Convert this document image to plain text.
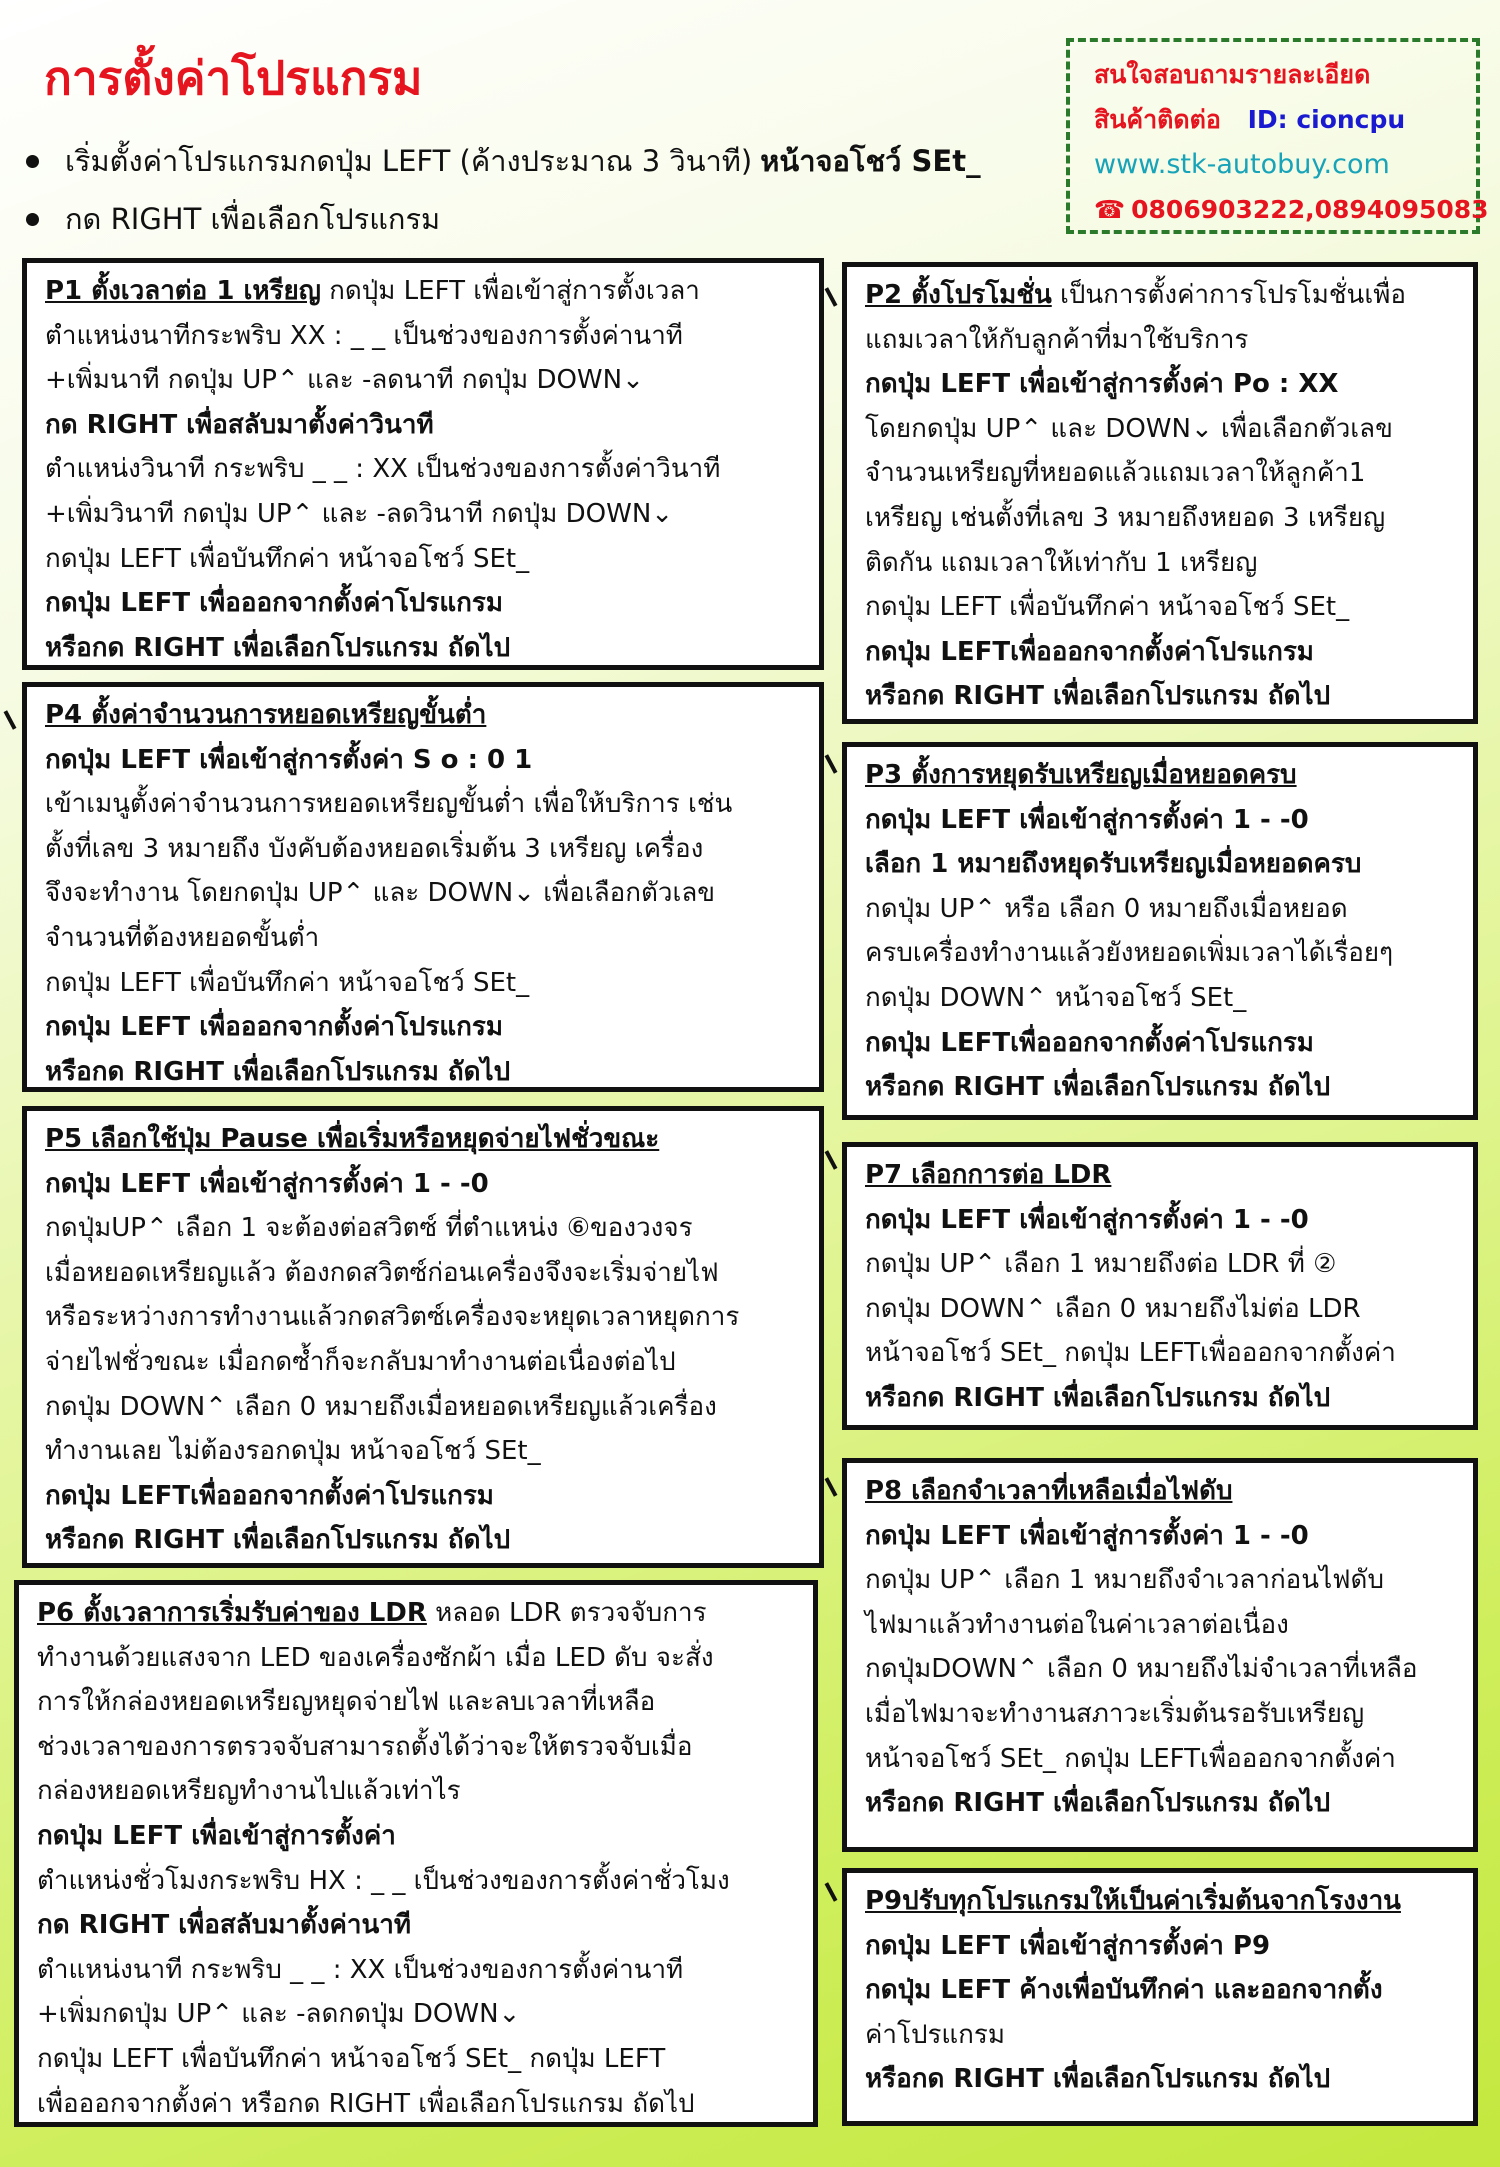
การตั้งค่าโปรแกรม
เริ่มตั้งค่าโปรแกรมกดปุ่ม LEFT (ค้างประมาณ 3 วินาที) หน้าจอโชว์ SEt_
กด RIGHT เพื่อเลือกโปรแกรม
สนใจสอบถามรายละเอียด
สินค้าติดต่อ ID: cioncpu
www.stk-autobuy.com
☎ 0806903222,0894095083
P1 ตั้งเวลาต่อ 1 เหรียญ กดปุ่ม LEFT เพื่อเข้าสู่การตั้งเวลา
ตำแหน่งนาทีกระพริบ XX : _ _ เป็นช่วงของการตั้งค่านาที
+เพิ่มนาที กดปุ่ม UP⌃ และ -ลดนาที กดปุ่ม DOWN⌄
กด RIGHT เพื่อสลับมาตั้งค่าวินาที
ตำแหน่งวินาที กระพริบ _ _ : XX เป็นช่วงของการตั้งค่าวินาที
+เพิ่มวินาที กดปุ่ม UP⌃ และ -ลดวินาที กดปุ่ม DOWN⌄
กดปุ่ม LEFT เพื่อบันทึกค่า หน้าจอโชว์ SEt_
กดปุ่ม LEFT เพื่อออกจากตั้งค่าโปรแกรม
หรือกด RIGHT เพื่อเลือกโปรแกรม ถัดไป
P2 ตั้งโปรโมชั่น เป็นการตั้งค่าการโปรโมชั่นเพื่อ
แถมเวลาให้กับลูกค้าที่มาใช้บริการ
กดปุ่ม LEFT เพื่อเข้าสู่การตั้งค่า Po : XX
โดยกดปุ่ม UP⌃ และ DOWN⌄ เพื่อเลือกตัวเลข
จำนวนเหรียญที่หยอดแล้วแถมเวลาให้ลูกค้า1
เหรียญ เช่นตั้งที่เลข 3 หมายถึงหยอด 3 เหรียญ
ติดกัน แถมเวลาให้เท่ากับ 1 เหรียญ
กดปุ่ม LEFT เพื่อบันทึกค่า หน้าจอโชว์ SEt_
กดปุ่ม LEFTเพื่อออกจากตั้งค่าโปรแกรม
หรือกด RIGHT เพื่อเลือกโปรแกรม ถัดไป
P4 ตั้งค่าจำนวนการหยอดเหรียญขั้นต่ำ
กดปุ่ม LEFT เพื่อเข้าสู่การตั้งค่า S o : 0 1
เข้าเมนูตั้งค่าจำนวนการหยอดเหรียญขั้นต่ำ เพื่อให้บริการ เช่น
ตั้งที่เลข 3 หมายถึง บังคับต้องหยอดเริ่มต้น 3 เหรียญ เครื่อง
จึงจะทำงาน โดยกดปุ่ม UP⌃ และ DOWN⌄ เพื่อเลือกตัวเลข
จำนวนที่ต้องหยอดขั้นต่ำ
กดปุ่ม LEFT เพื่อบันทึกค่า หน้าจอโชว์ SEt_
กดปุ่ม LEFT เพื่อออกจากตั้งค่าโปรแกรม
หรือกด RIGHT เพื่อเลือกโปรแกรม ถัดไป
P3 ตั้งการหยุดรับเหรียญเมื่อหยอดครบ
กดปุ่ม LEFT เพื่อเข้าสู่การตั้งค่า 1 - -0
เลือก 1 หมายถึงหยุดรับเหรียญเมื่อหยอดครบ
กดปุ่ม UP⌃ หรือ เลือก 0 หมายถึงเมื่อหยอด
ครบเครื่องทำงานแล้วยังหยอดเพิ่มเวลาได้เรื่อยๆ
กดปุ่ม DOWN⌃ หน้าจอโชว์ SEt_
กดปุ่ม LEFTเพื่อออกจากตั้งค่าโปรแกรม
หรือกด RIGHT เพื่อเลือกโปรแกรม ถัดไป
P5 เลือกใช้ปุ่ม Pause เพื่อเริ่มหรือหยุดจ่ายไฟชั่วขณะ
กดปุ่ม LEFT เพื่อเข้าสู่การตั้งค่า 1 - -0
กดปุ่มUP⌃ เลือก 1 จะต้องต่อสวิตซ์ ที่ตำแหน่ง ⑥ของวงจร
เมื่อหยอดเหรียญแล้ว ต้องกดสวิตซ์ก่อนเครื่องจึงจะเริ่มจ่ายไฟ
หรือระหว่างการทำงานแล้วกดสวิตซ์เครื่องจะหยุดเวลาหยุดการ
จ่ายไฟชั่วขณะ เมื่อกดซ้ำก็จะกลับมาทำงานต่อเนื่องต่อไป
กดปุ่ม DOWN⌃ เลือก 0 หมายถึงเมื่อหยอดเหรียญแล้วเครื่อง
ทำงานเลย ไม่ต้องรอกดปุ่ม หน้าจอโชว์ SEt_
กดปุ่ม LEFTเพื่อออกจากตั้งค่าโปรแกรม
หรือกด RIGHT เพื่อเลือกโปรแกรม ถัดไป
P7 เลือกการต่อ LDR
กดปุ่ม LEFT เพื่อเข้าสู่การตั้งค่า 1 - -0
กดปุ่ม UP⌃ เลือก 1 หมายถึงต่อ LDR ที่ ②
กดปุ่ม DOWN⌃ เลือก 0 หมายถึงไม่ต่อ LDR
หน้าจอโชว์ SEt_ กดปุ่ม LEFTเพื่อออกจากตั้งค่า
หรือกด RIGHT เพื่อเลือกโปรแกรม ถัดไป
P8 เลือกจำเวลาที่เหลือเมื่อไฟดับ
กดปุ่ม LEFT เพื่อเข้าสู่การตั้งค่า 1 - -0
กดปุ่ม UP⌃ เลือก 1 หมายถึงจำเวลาก่อนไฟดับ
ไฟมาแล้วทำงานต่อในค่าเวลาต่อเนื่อง
กดปุ่มDOWN⌃ เลือก 0 หมายถึงไม่จำเวลาที่เหลือ
เมื่อไฟมาจะทำงานสภาวะเริ่มต้นรอรับเหรียญ
หน้าจอโชว์ SEt_ กดปุ่ม LEFTเพื่อออกจากตั้งค่า
หรือกด RIGHT เพื่อเลือกโปรแกรม ถัดไป
P6 ตั้งเวลาการเริ่มรับค่าของ LDR หลอด LDR ตรวจจับการ
ทำงานด้วยแสงจาก LED ของเครื่องซักผ้า เมื่อ LED ดับ จะสั่ง
การให้กล่องหยอดเหรียญหยุดจ่ายไฟ และลบเวลาที่เหลือ
ช่วงเวลาของการตรวจจับสามารถตั้งได้ว่าจะให้ตรวจจับเมื่อ
กล่องหยอดเหรียญทำงานไปแล้วเท่าไร
กดปุ่ม LEFT เพื่อเข้าสู่การตั้งค่า
ตำแหน่งชั่วโมงกระพริบ HX : _ _ เป็นช่วงของการตั้งค่าชั่วโมง
กด RIGHT เพื่อสลับมาตั้งค่านาที
ตำแหน่งนาที กระพริบ _ _ : XX เป็นช่วงของการตั้งค่านาที
+เพิ่มกดปุ่ม UP⌃ และ -ลดกดปุ่ม DOWN⌄
กดปุ่ม LEFT เพื่อบันทึกค่า หน้าจอโชว์ SEt_ กดปุ่ม LEFT
เพื่อออกจากตั้งค่า หรือกด RIGHT เพื่อเลือกโปรแกรม ถัดไป
P9ปรับทุกโปรแกรมให้เป็นค่าเริ่มต้นจากโรงงาน
กดปุ่ม LEFT เพื่อเข้าสู่การตั้งค่า P9
กดปุ่ม LEFT ค้างเพื่อบันทึกค่า และออกจากตั้ง
ค่าโปรแกรม
หรือกด RIGHT เพื่อเลือกโปรแกรม ถัดไป
